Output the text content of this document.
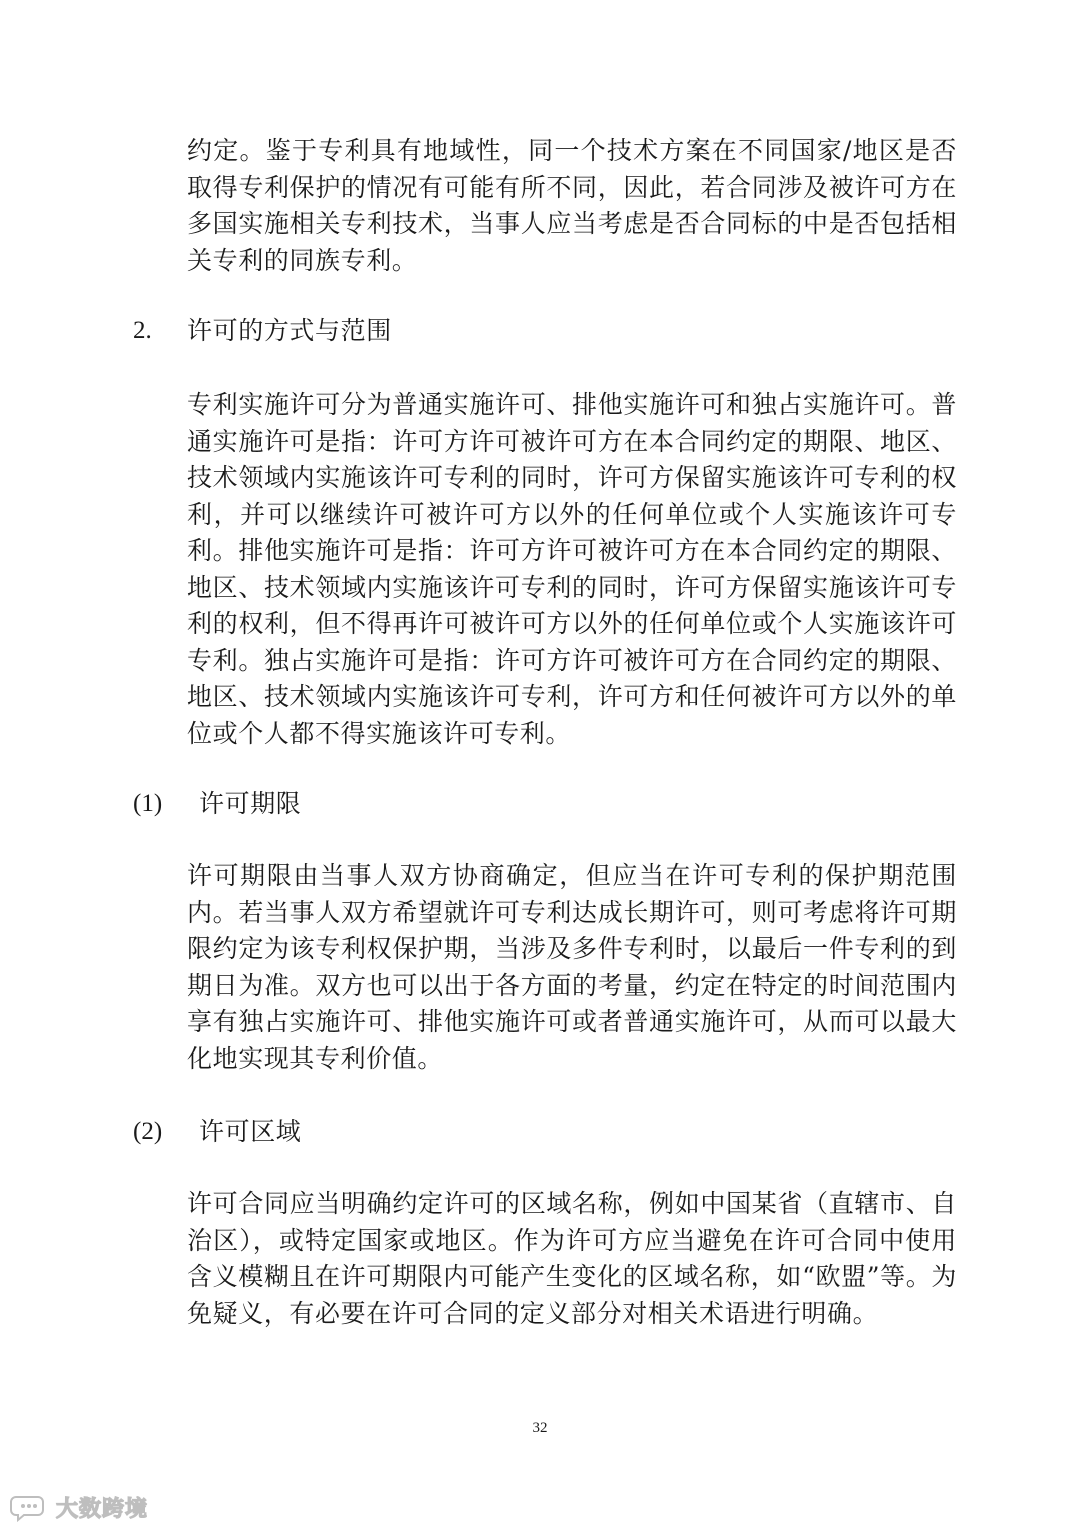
约定。鉴于专利具有地域性，同一个技术方案在不同国家/地区是否取得专利保护的情况有可能有所不同，因此，若合同涉及被许可方在多国实施相关专利技术，当事人应当考虑是否合同标的中是否包括相关专利的同族专利。

2. 许可的方式与范围

专利实施许可分为普通实施许可、排他实施许可和独占实施许可。普通实施许可是指：许可方许可被许可方在本合同约定的期限、地区、技术领域内实施该许可专利的同时，许可方保留实施该许可专利的权利，并可以继续许可被许可方以外的任何单位或个人实施该许可专利。排他实施许可是指：许可方许可被许可方在本合同约定的期限、地区、技术领域内实施该许可专利的同时，许可方保留实施该许可专利的权利，但不得再许可被许可方以外的任何单位或个人实施该许可专利。独占实施许可是指：许可方许可被许可方在合同约定的期限、地区、技术领域内实施该许可专利，许可方和任何被许可方以外的单位或个人都不得实施该许可专利。

(1) 许可期限

许可期限由当事人双方协商确定，但应当在许可专利的保护期范围内。若当事人双方希望就许可专利达成长期许可，则可考虑将许可期限约定为该专利权保护期，当涉及多件专利时，以最后一件专利的到期日为准。双方也可以出于各方面的考量，约定在特定的时间范围内享有独占实施许可、排他实施许可或者普通实施许可，从而可以最大化地实现其专利价值。

(2) 许可区域

许可合同应当明确约定许可的区域名称，例如中国某省（直辖市、自治区），或特定国家或地区。作为许可方应当避免在许可合同中使用含义模糊且在许可期限内可能产生变化的区域名称，如“欧盟”等。为免疑义，有必要在许可合同的定义部分对相关术语进行明确。

32
大数跨境
